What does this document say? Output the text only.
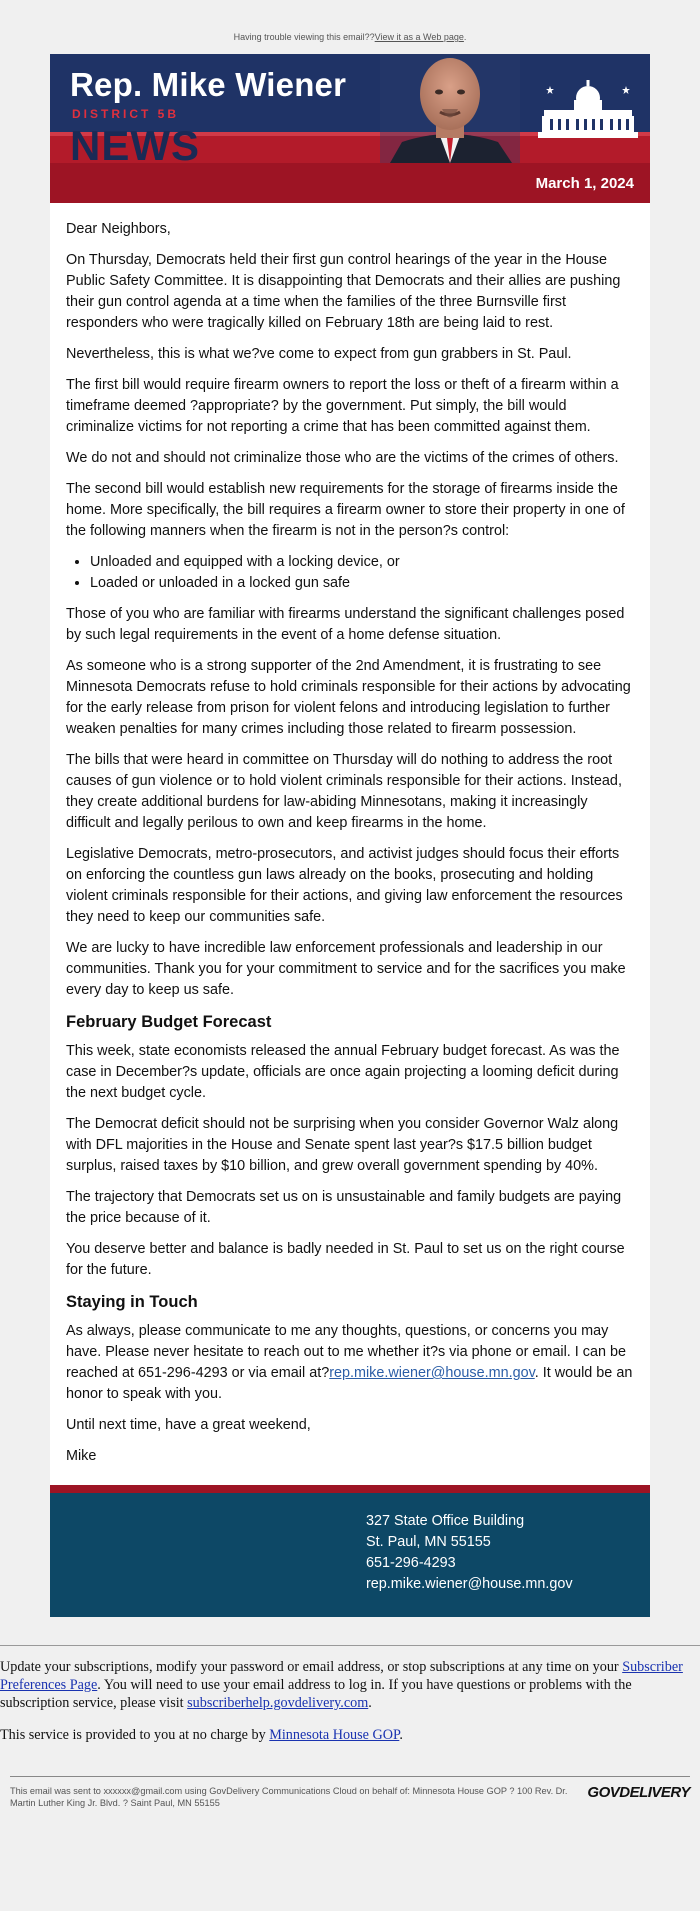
Having trouble viewing this email??View it as a Web page.
Rep. Mike Wiener
DISTRICT 5B
NEWS
March 1, 2024

Dear Neighbors,

On Thursday, Democrats held their first gun control hearings of the year in the House Public Safety Committee. It is disappointing that Democrats and their allies are pushing their gun control agenda at a time when the families of the three Burnsville first responders who were tragically killed on February 18th are being laid to rest.

Nevertheless, this is what we?ve come to expect from gun grabbers in St. Paul.

The first bill would require firearm owners to report the loss or theft of a firearm within a timeframe deemed ?appropriate? by the government. Put simply, the bill would criminalize victims for not reporting a crime that has been committed against them.

We do not and should not criminalize those who are the victims of the crimes of others.

The second bill would establish new requirements for the storage of firearms inside the home. More specifically, the bill requires a firearm owner to store their property in one of the following manners when the firearm is not in the person?s control:

• Unloaded and equipped with a locking device, or
• Loaded or unloaded in a locked gun safe

Those of you who are familiar with firearms understand the significant challenges posed by such legal requirements in the event of a home defense situation.

As someone who is a strong supporter of the 2nd Amendment, it is frustrating to see Minnesota Democrats refuse to hold criminals responsible for their actions by advocating for the early release from prison for violent felons and introducing legislation to further weaken penalties for many crimes including those related to firearm possession.

The bills that were heard in committee on Thursday will do nothing to address the root causes of gun violence or to hold violent criminals responsible for their actions. Instead, they create additional burdens for law-abiding Minnesotans, making it increasingly difficult and legally perilous to own and keep firearms in the home.

Legislative Democrats, metro-prosecutors, and activist judges should focus their efforts on enforcing the countless gun laws already on the books, prosecuting and holding violent criminals responsible for their actions, and giving law enforcement the resources they need to keep our communities safe.

We are lucky to have incredible law enforcement professionals and leadership in our communities. Thank you for your commitment to service and for the sacrifices you make every day to keep us safe.

February Budget Forecast

This week, state economists released the annual February budget forecast. As was the case in December?s update, officials are once again projecting a looming deficit during the next budget cycle.

The Democrat deficit should not be surprising when you consider Governor Walz along with DFL majorities in the House and Senate spent last year?s $17.5 billion budget surplus, raised taxes by $10 billion, and grew overall government spending by 40%.

The trajectory that Democrats set us on is unsustainable and family budgets are paying the price because of it.

You deserve better and balance is badly needed in St. Paul to set us on the right course for the future.

Staying in Touch

As always, please communicate to me any thoughts, questions, or concerns you may have. Please never hesitate to reach out to me whether it?s via phone or email. I can be reached at 651-296-4293 or via email at?rep.mike.wiener@house.mn.gov. It would be an honor to speak with you.

Until next time, have a great weekend,

Mike

327 State Office Building
St. Paul, MN 55155
651-296-4293
rep.mike.wiener@house.mn.gov

Update your subscriptions, modify your password or email address, or stop subscriptions at any time on your Subscriber Preferences Page. You will need to use your email address to log in. If you have questions or problems with the subscription service, please visit subscriberhelp.govdelivery.com.

This service is provided to you at no charge by Minnesota House GOP.

This email was sent to xxxxxx@gmail.com using GovDelivery Communications Cloud on behalf of: Minnesota House GOP ? 100 Rev. Dr. Martin Luther King Jr. Blvd. ? Saint Paul, MN 55155
GOVDELIVERY
